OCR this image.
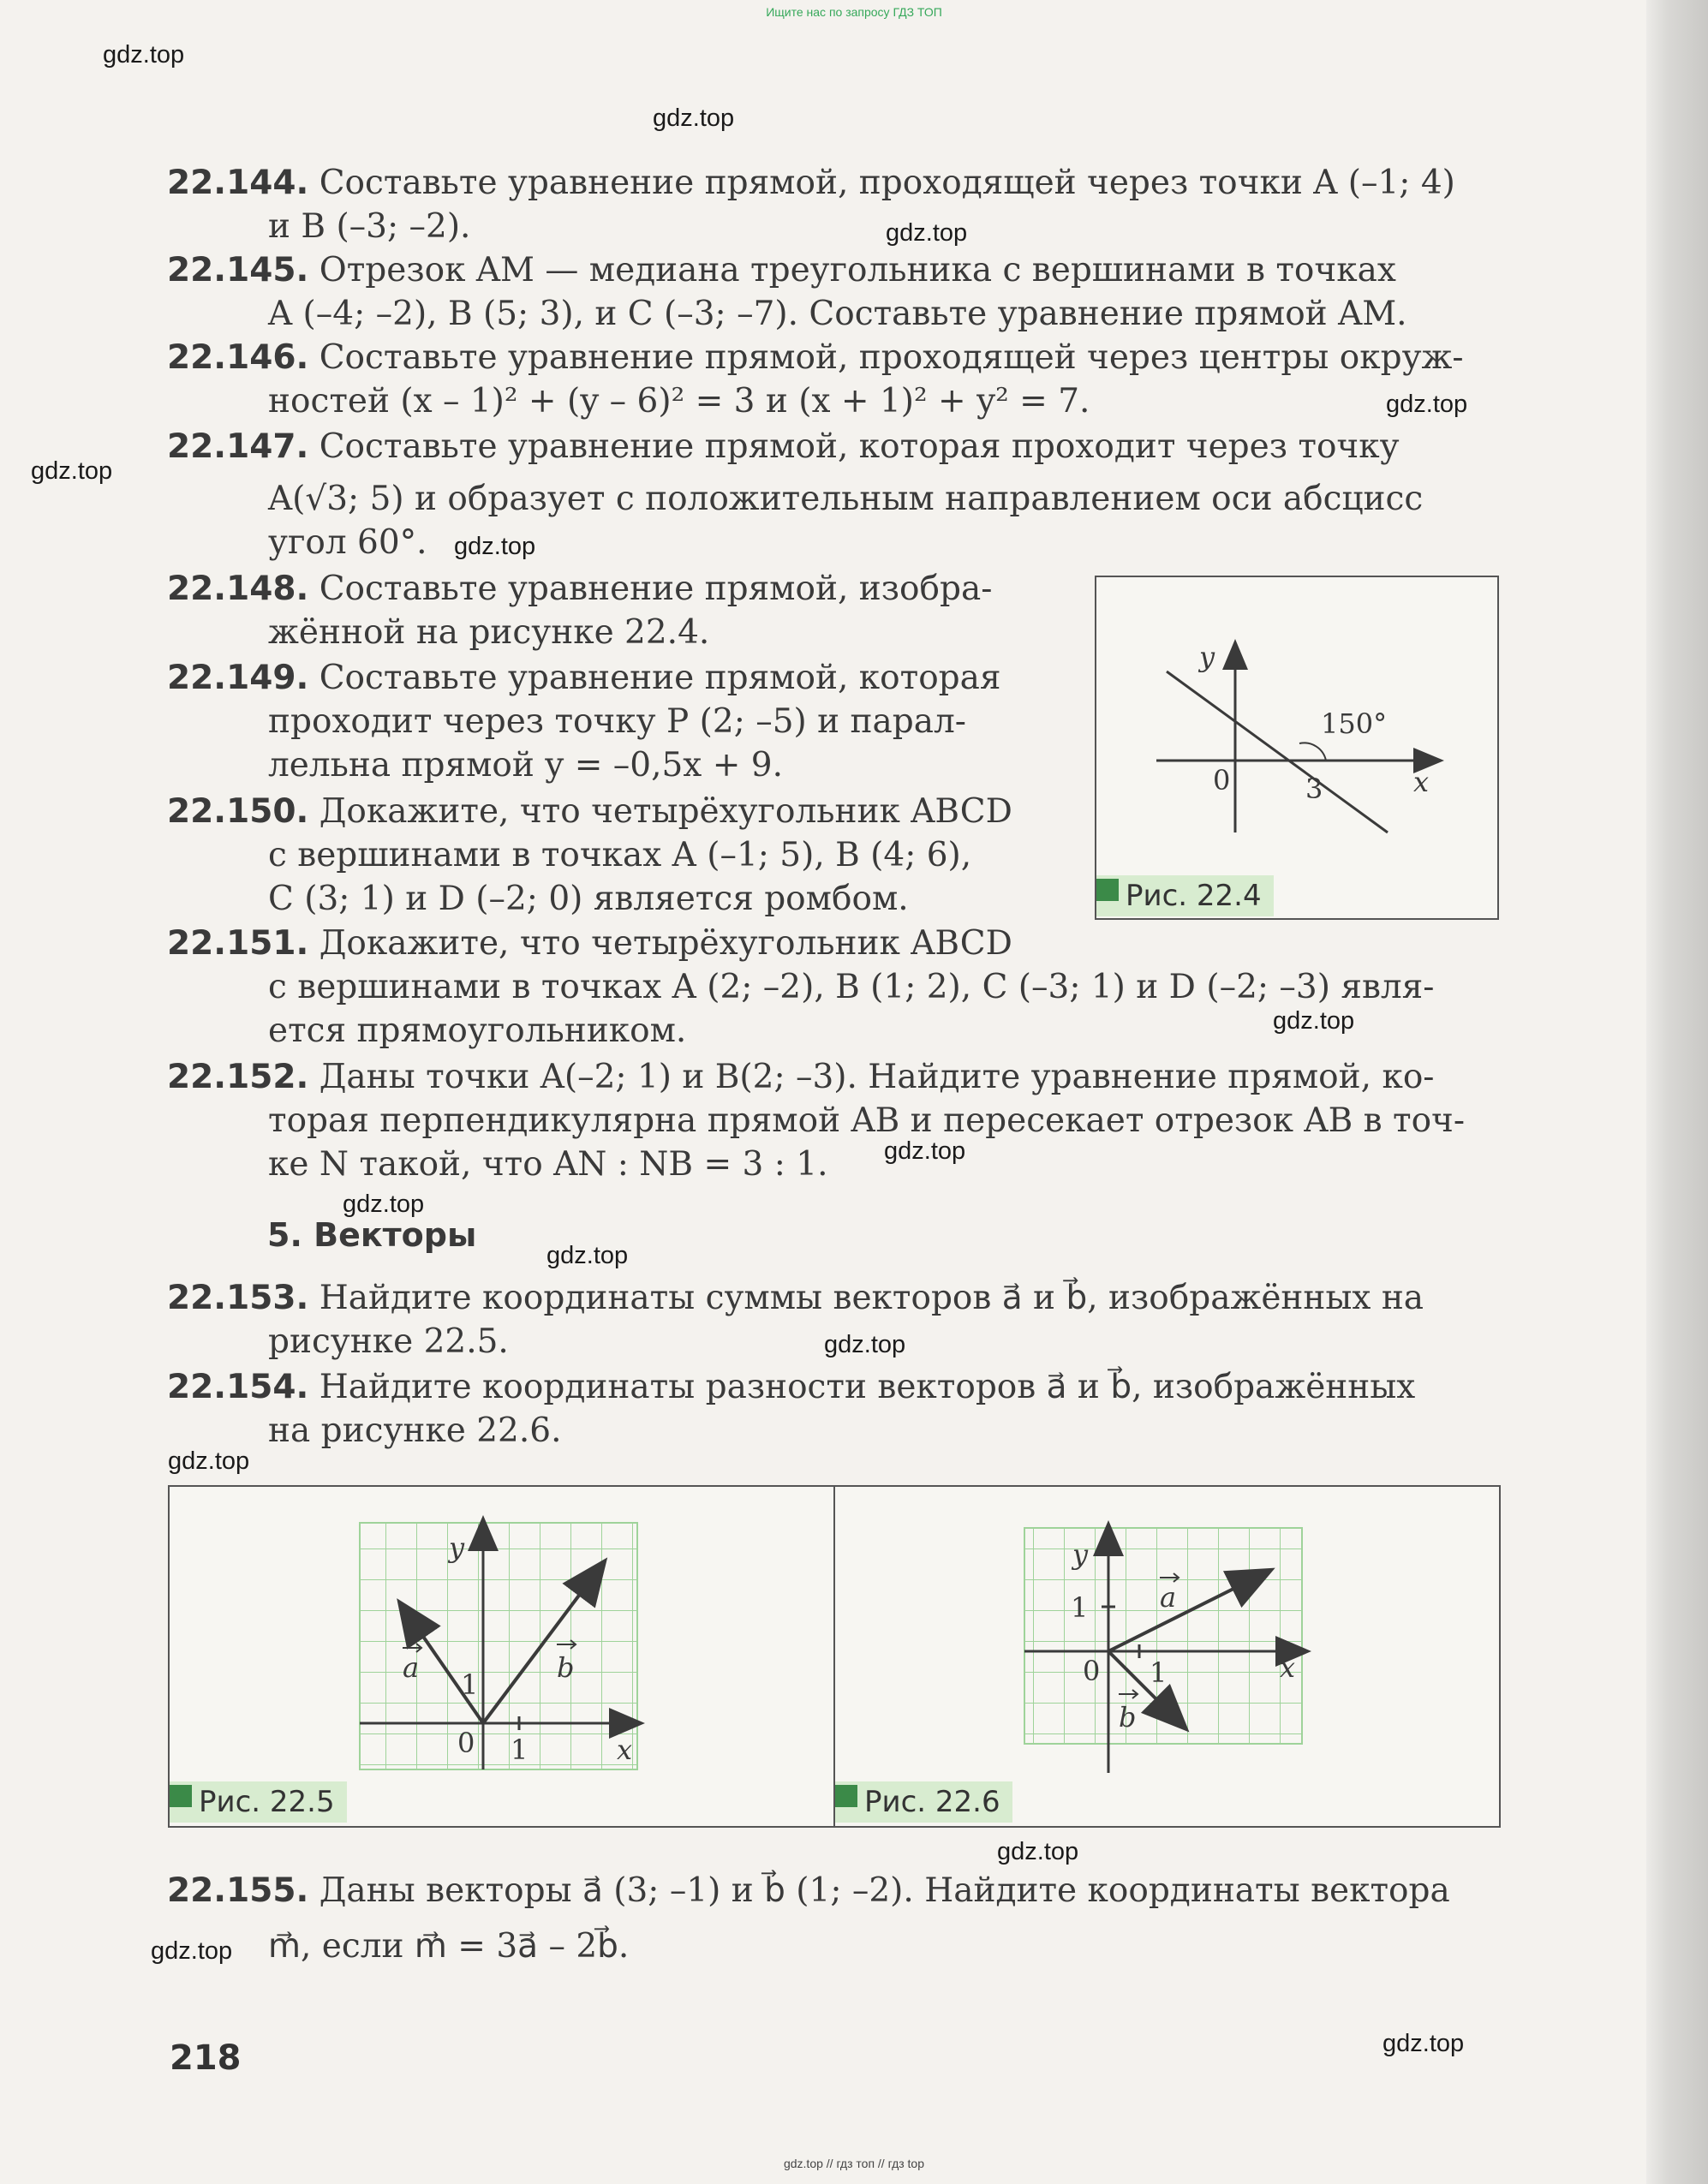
Ищите нас по запросу ГДЗ ТОП
gdz.top
gdz.top
gdz.top
gdz.top
gdz.top
gdz.top
gdz.top
gdz.top
gdz.top
gdz.top
gdz.top
gdz.top
gdz.top
gdz.top
gdz.top
22.144. Составьте уравнение прямой, проходящей через точки A (–1; 4)
и B (–3; –2).
22.145. Отрезок AM — медиана треугольника с вершинами в точках
A (–4; –2), B (5; 3), и C (–3; –7). Составьте уравнение прямой AM.
22.146. Составьте уравнение прямой, проходящей через центры окруж-
ностей (x – 1)² + (y – 6)² = 3 и (x + 1)² + y² = 7.
22.147. Составьте уравнение прямой, которая проходит через точку
A(√3; 5) и образует с положительным направлением оси абсцисс
угол 60°.
22.148. Составьте уравнение прямой, изобра-
жённой на рисунке 22.4.
22.149. Составьте уравнение прямой, которая
проходит через точку P (2; –5) и парал-
лельна прямой y = –0,5x + 9.
22.150. Докажите, что четырёхугольник ABCD
с вершинами в точках A (–1; 5), B (4; 6),
C (3; 1) и D (–2; 0) является ромбом.
22.151. Докажите, что четырёхугольник ABCD
с вершинами в точках A (2; –2), B (1; 2), C (–3; 1) и D (–2; –3) явля-
ется прямоугольником.
22.152. Даны точки A(–2; 1) и B(2; –3). Найдите уравнение прямой, ко-
торая перпендикулярна прямой AB и пересекает отрезок AB в точ-
ке N такой, что AN : NB = 3 : 1.
5. Векторы
22.153. Найдите координаты суммы векторов a⃗ и b⃗, изображённых на
рисунке 22.5.
22.154. Найдите координаты разности векторов a⃗ и b⃗, изображённых
на рисунке 22.6.
22.155. Даны векторы a⃗ (3; –1) и b⃗ (1; –2). Найдите координаты вектора
m⃗, если m⃗ = 3a⃗ – 2b⃗.
y
x
0	3
150°
Рис. 22.4
y
x
0 1
1
a	b
y
x
0 1
1	a
b
Рис. 22.5	Рис. 22.6
218
gdz.top // гдз топ // гдз top
